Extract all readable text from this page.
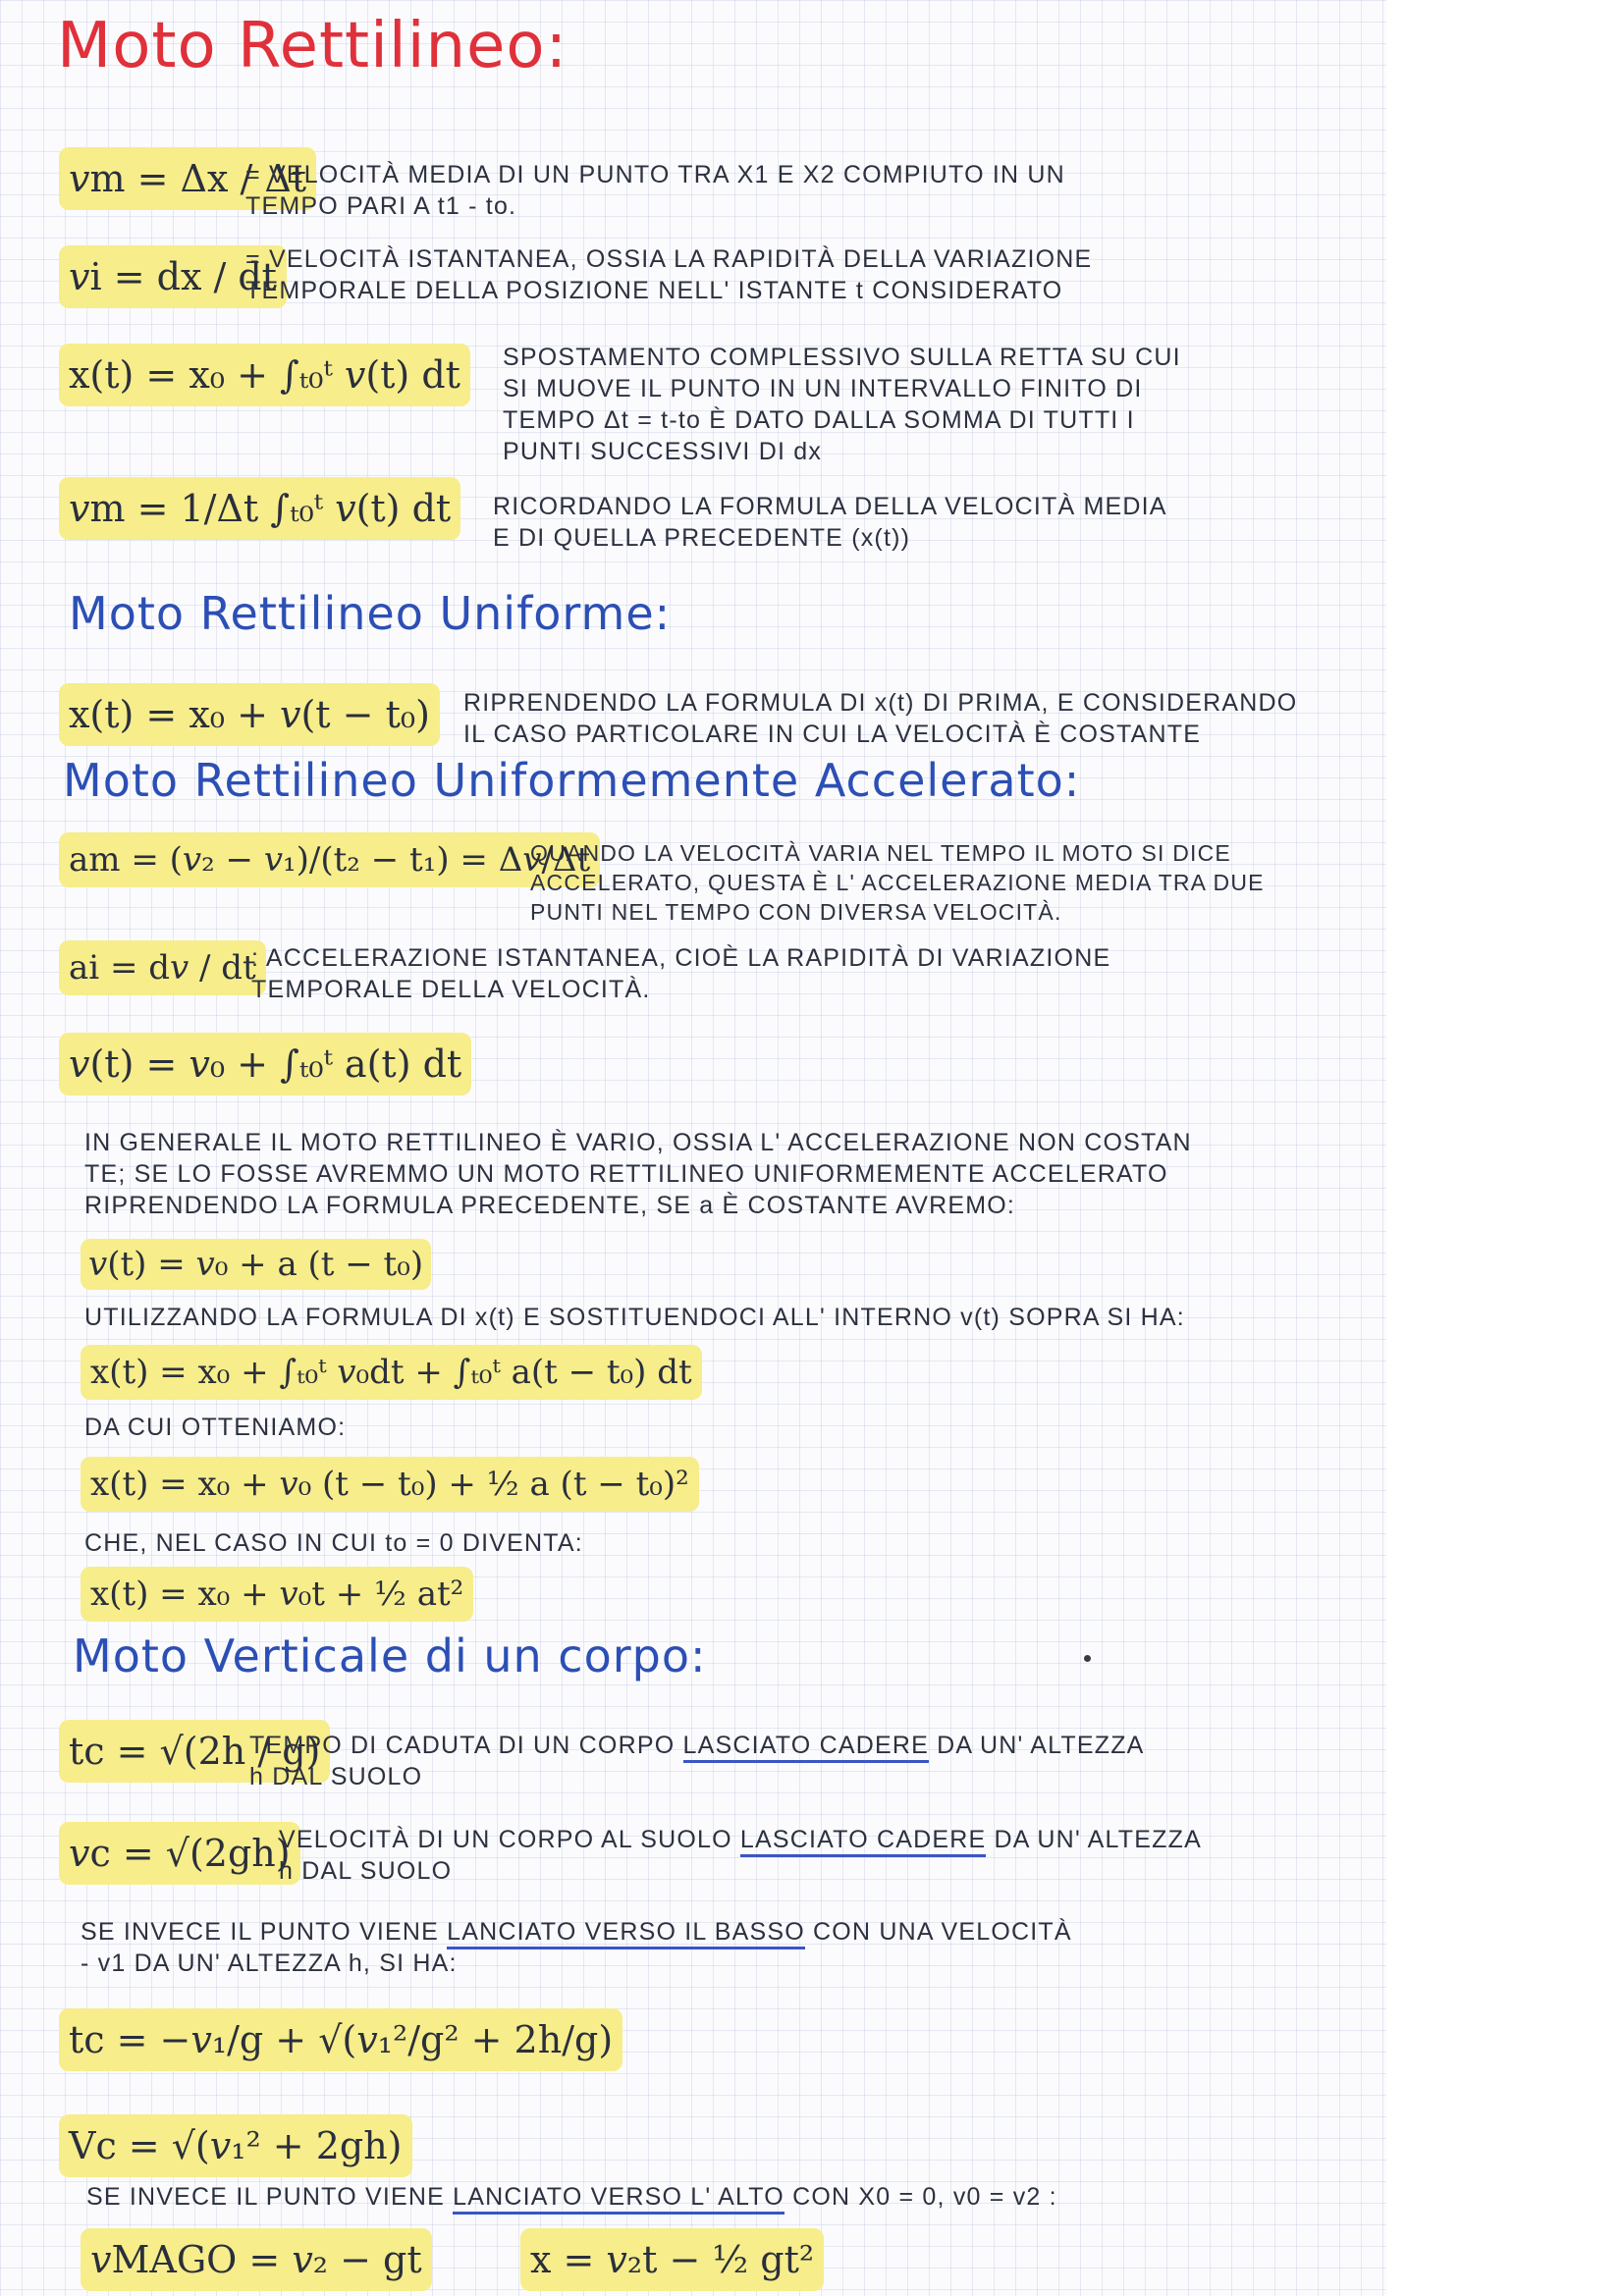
Moto Rettilineo:
Moto Rettilineo Uniforme:
Moto Rettilineo Uniformemente Accelerato:
Moto Verticale di un corpo:
𝑣m = Δx / Δt
= VELOCITÀ MEDIA DI UN PUNTO TRA X1 E X2 COMPIUTO IN UN
TEMPO PARI A t1 - to.
𝑣i = dx / dt
= VELOCITÀ ISTANTANEA, OSSIA LA RAPIDITÀ DELLA VARIAZIONE
TEMPORALE DELLA POSIZIONE NELL' ISTANTE t CONSIDERATO
x(t) = x₀ + ∫ₜ₀ᵗ 𝑣(t) dt	SPOSTAMENTO COMPLESSIVO SULLA RETTA SU CUI
SI MUOVE IL PUNTO IN UN INTERVALLO FINITO DI
TEMPO Δt = t-to È DATO DALLA SOMMA DI TUTTI I
PUNTI SUCCESSIVI DI dx
𝑣m = 1/Δt ∫ₜ₀ᵗ 𝑣(t) dt	RICORDANDO LA FORMULA DELLA VELOCITÀ MEDIA
E DI QUELLA PRECEDENTE (x(t))
x(t) = x₀ + 𝑣(t − t₀)	RIPRENDENDO LA FORMULA DI x(t) DI PRIMA, E CONSIDERANDO
IL CASO PARTICOLARE IN CUI LA VELOCITÀ È COSTANTE
am = (𝑣₂ − 𝑣₁)/(t₂ − t₁) = Δ𝑣/Δt
QUANDO LA VELOCITÀ VARIA NEL TEMPO IL MOTO SI DICE
ACCELERATO, QUESTA È L' ACCELERAZIONE MEDIA TRA DUE
PUNTI NEL TEMPO CON DIVERSA VELOCITÀ.
ai = d𝑣 / dt
: ACCELERAZIONE ISTANTANEA, CIOÈ LA RAPIDITÀ DI VARIAZIONE
TEMPORALE DELLA VELOCITÀ.
𝑣(t) = 𝑣₀ + ∫ₜ₀ᵗ a(t) dt
IN GENERALE IL MOTO RETTILINEO È VARIO, OSSIA L' ACCELERAZIONE NON COSTAN
TE; SE LO FOSSE AVREMMO UN MOTO RETTILINEO UNIFORMEMENTE ACCELERATO
RIPRENDENDO LA FORMULA PRECEDENTE, SE a È COSTANTE AVREMO:
𝑣(t) = 𝑣₀ + a (t − t₀)
UTILIZZANDO LA FORMULA DI x(t) E SOSTITUENDOCI ALL' INTERNO v(t) SOPRA SI HA:
x(t) = x₀ + ∫ₜ₀ᵗ 𝑣₀dt + ∫ₜ₀ᵗ a(t − t₀) dt
DA CUI OTTENIAMO:
x(t) = x₀ + 𝑣₀ (t − t₀) + ½ a (t − t₀)²
CHE, NEL CASO IN CUI to = 0 DIVENTA:
x(t) = x₀ + 𝑣₀t + ½ at²
tc = √(2h / g)
TEMPO DI CADUTA DI UN CORPO LASCIATO CADERE DA UN' ALTEZZA
h DAL SUOLO
𝑣c = √(2gh)
VELOCITÀ DI UN CORPO AL SUOLO LASCIATO CADERE DA UN' ALTEZZA
h DAL SUOLO
SE INVECE IL PUNTO VIENE LANCIATO VERSO IL BASSO CON UNA VELOCITÀ
- v1 DA UN' ALTEZZA h, SI HA:
tc = −𝑣₁/g + √(𝑣₁²/g² + 2h/g)
Vc = √(𝑣₁² + 2gh)
SE INVECE IL PUNTO VIENE LANCIATO VERSO L' ALTO CON X0 = 0, v0 = v2 :
𝑣MAGO = 𝑣₂ − gt	x = 𝑣₂t − ½ gt²
